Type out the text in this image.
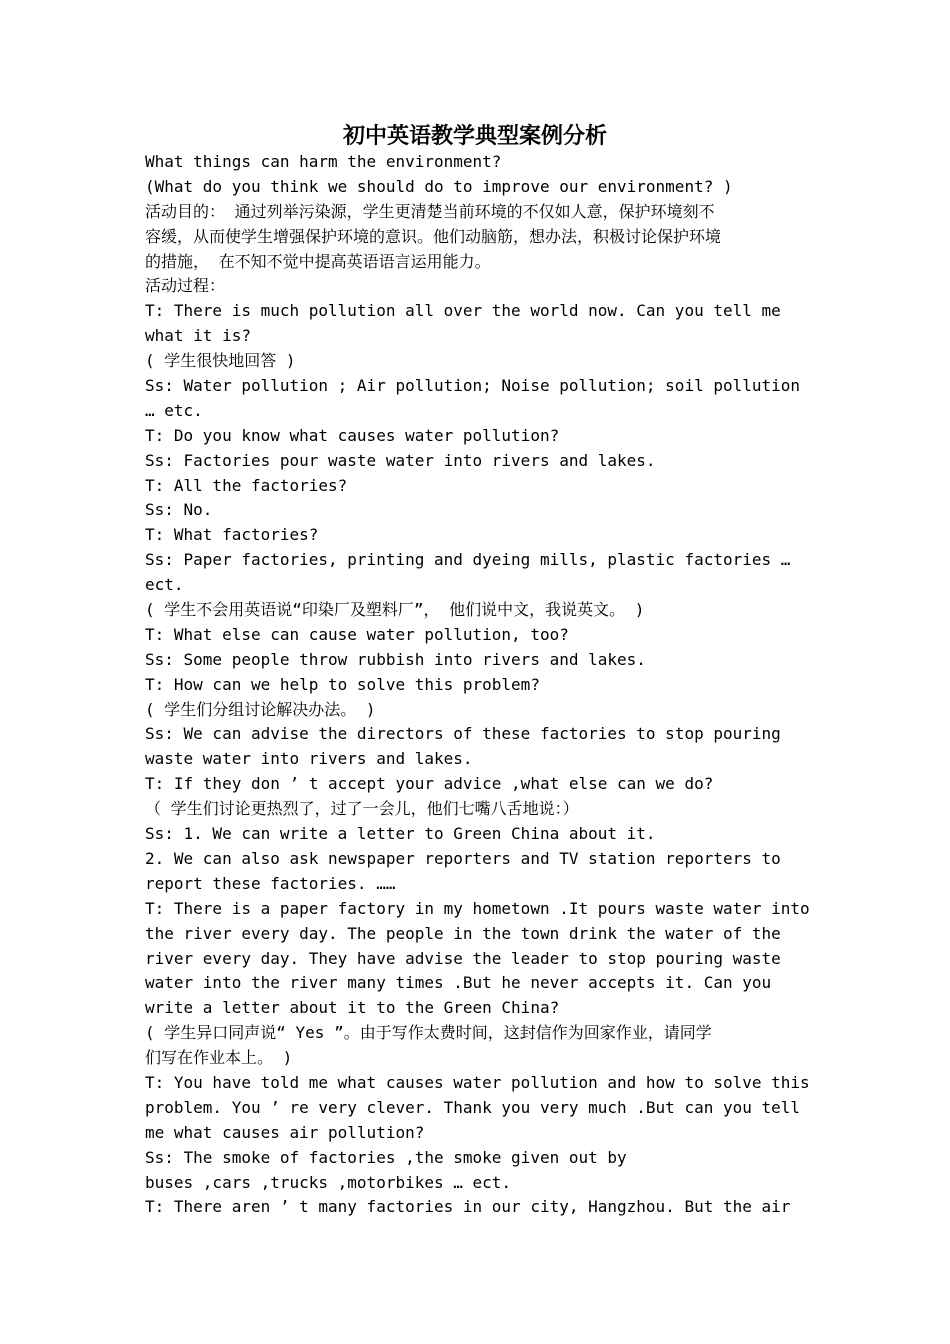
初中英语教学典型案例分析
What things can harm the environment?
(What do you think we should do to improve our environment? )
活动目的： 通过列举污染源，学生更清楚当前环境的不仅如人意，保护环境刻不
容缓，从而使学生增强保护环境的意识。他们动脑筋，想办法，积极讨论保护环境
的措施， 在不知不觉中提高英语语言运用能力。
活动过程：
T: There is much pollution all over the world now. Can you tell me
what it is?
( 学生很快地回答 )
Ss: Water pollution ; Air pollution; Noise pollution; soil pollution
… etc.
T: Do you know what causes water pollution?
Ss: Factories pour waste water into rivers and lakes.
T: All the factories?
Ss: No.
T: What factories?
Ss: Paper factories, printing and dyeing mills, plastic factories …
ect.
( 学生不会用英语说“印染厂及塑料厂”， 他们说中文，我说英文。 )
T: What else can cause water pollution, too?
Ss: Some people throw rubbish into rivers and lakes.
T: How can we help to solve this problem?
( 学生们分组讨论解决办法。 )
Ss: We can advise the directors of these factories to stop pouring
waste water into rivers and lakes.
T: If they don ’ t accept your advice ,what else can we do?
（ 学生们讨论更热烈了，过了一会儿，他们七嘴八舌地说：）
Ss: 1. We can write a letter to Green China about it.
2. We can also ask newspaper reporters and TV station reporters to
report these factories. ……
T: There is a paper factory in my hometown .It pours waste water into
the river every day. The people in the town drink the water of the
river every day. They have advise the leader to stop pouring waste
water into the river many times .But he never accepts it. Can you
write a letter about it to the Green China?
( 学生异口同声说“ Yes ”。由于写作太费时间，这封信作为回家作业，请同学
们写在作业本上。 )
T: You have told me what causes water pollution and how to solve this
problem. You ’ re very clever. Thank you very much .But can you tell
me what causes air pollution?
Ss: The smoke of factories ,the smoke given out by
buses ,cars ,trucks ,motorbikes … ect.
T: There aren ’ t many factories in our city, Hangzhou. But the air
